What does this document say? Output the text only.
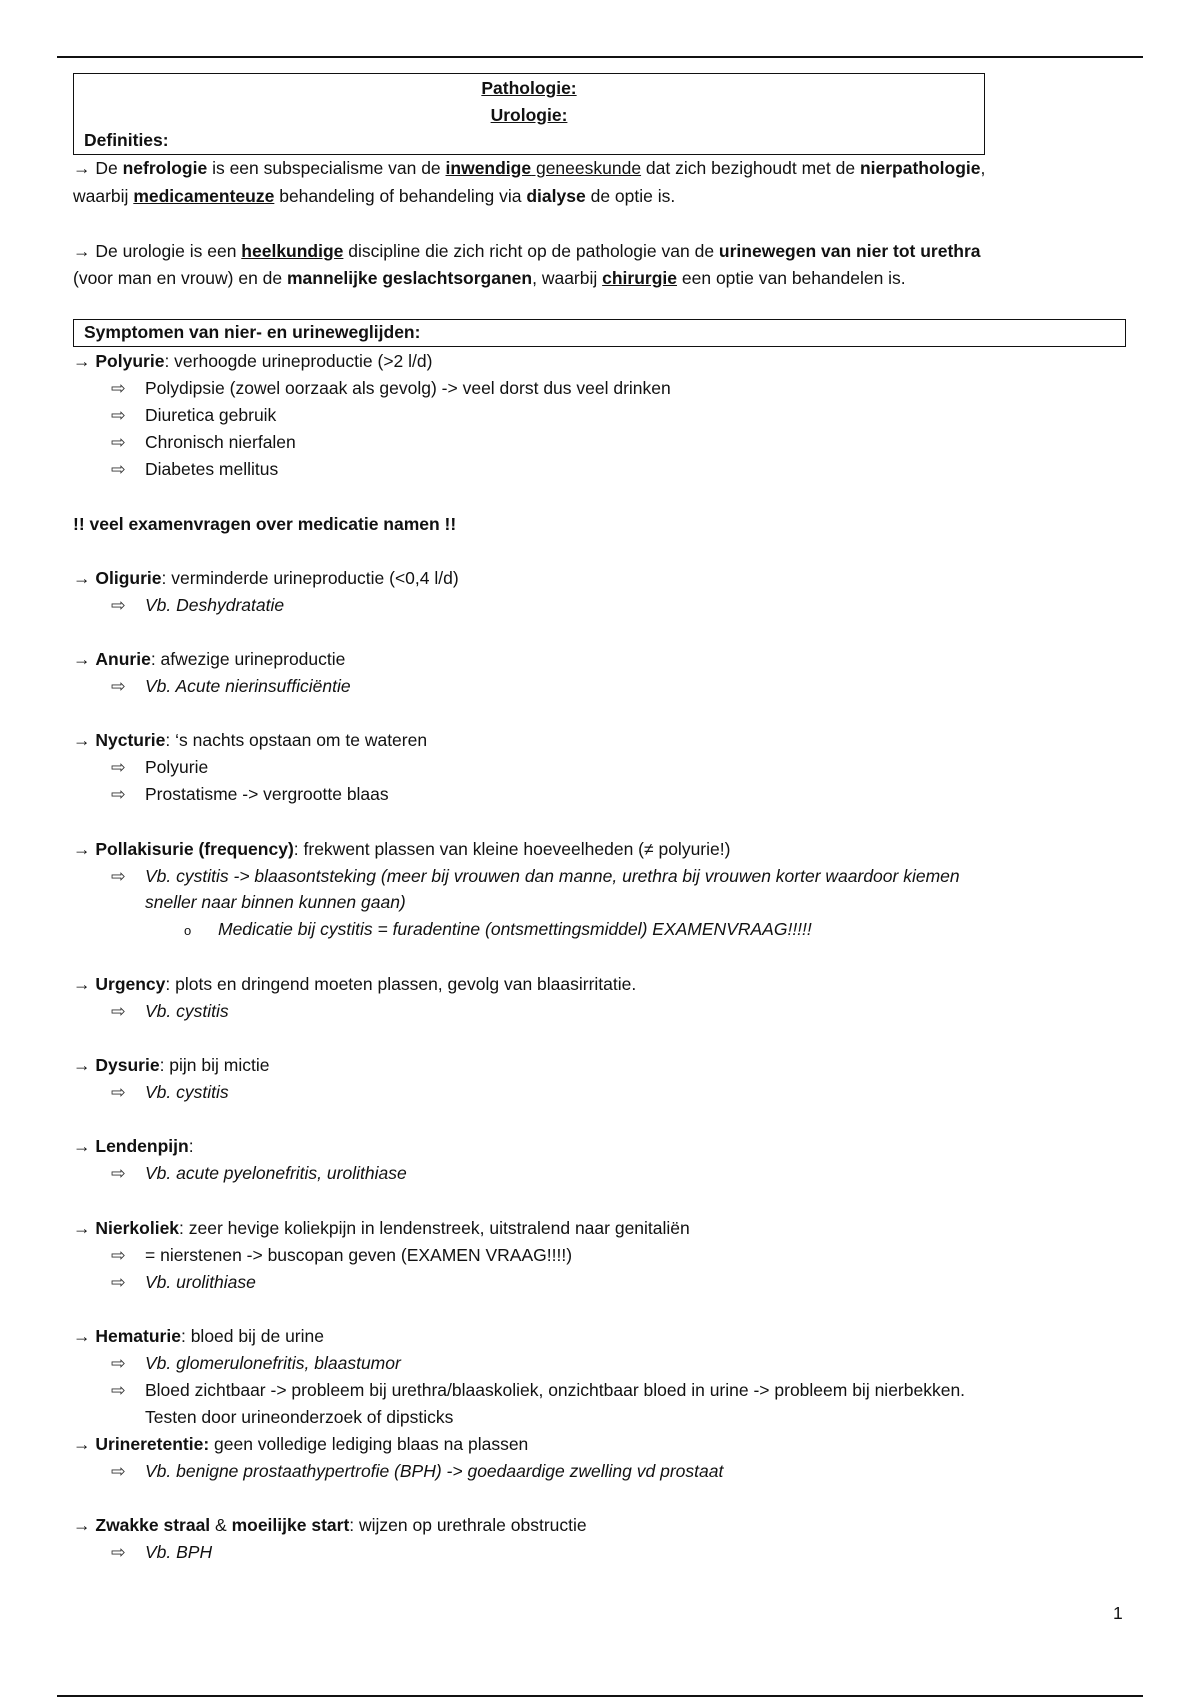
Pathologie:
Urologie:
Definities:
→ De nefrologie is een subspecialisme van de inwendige geneeskunde dat zich bezighoudt met de nierpathologie,
waarbij medicamenteuze behandeling of behandeling via dialyse de optie is.
→ De urologie is een heelkundige discipline die zich richt op de pathologie van de urinewegen van nier tot urethra
(voor man en vrouw) en de mannelijke geslachtsorganen, waarbij chirurgie een optie van behandelen is.
Symptomen van nier- en urineweglijden:
→ Polyurie: verhoogde urineproductie (>2 l/d)
⇨ Polydipsie (zowel oorzaak als gevolg) -> veel dorst dus veel drinken
⇨ Diuretica gebruik
⇨ Chronisch nierfalen
⇨ Diabetes mellitus
!! veel examenvragen over medicatie namen !!
→ Oligurie: verminderde urineproductie (<0,4 l/d)
⇨ Vb. Deshydratatie
→ Anurie: afwezige urineproductie
⇨ Vb. Acute nierinsufficiëntie
→ Nycturie: ‘s nachts opstaan om te wateren
⇨ Polyurie
⇨ Prostatisme -> vergrootte blaas
→ Pollakisurie (frequency): frekwent plassen van kleine hoeveelheden (≠ polyurie!)
⇨ Vb. cystitis -> blaasontsteking (meer bij vrouwen dan manne, urethra bij vrouwen korter waardoor kiemen
sneller naar binnen kunnen gaan)
o Medicatie bij cystitis = furadentine (ontsmettingsmiddel) EXAMENVRAAG!!!!!
→ Urgency: plots en dringend moeten plassen, gevolg van blaasirritatie.
⇨ Vb. cystitis
→ Dysurie: pijn bij mictie
⇨ Vb. cystitis
→ Lendenpijn:
⇨ Vb. acute pyelonefritis, urolithiase
→ Nierkoliek: zeer hevige koliekpijn in lendenstreek, uitstralend naar genitaliën
⇨ = nierstenen -> buscopan geven (EXAMEN VRAAG!!!!)
⇨ Vb. urolithiase
→ Hematurie: bloed bij de urine
⇨ Vb. glomerulonefritis, blaastumor
⇨ Bloed zichtbaar -> probleem bij urethra/blaaskoliek, onzichtbaar bloed in urine -> probleem bij nierbekken.
Testen door urineonderzoek of dipsticks
→ Urineretentie: geen volledige lediging blaas na plassen
⇨ Vb. benigne prostaathypertrofie (BPH) -> goedaardige zwelling vd prostaat
→ Zwakke straal & moeilijke start: wijzen op urethrale obstructie
⇨ Vb. BPH
1
